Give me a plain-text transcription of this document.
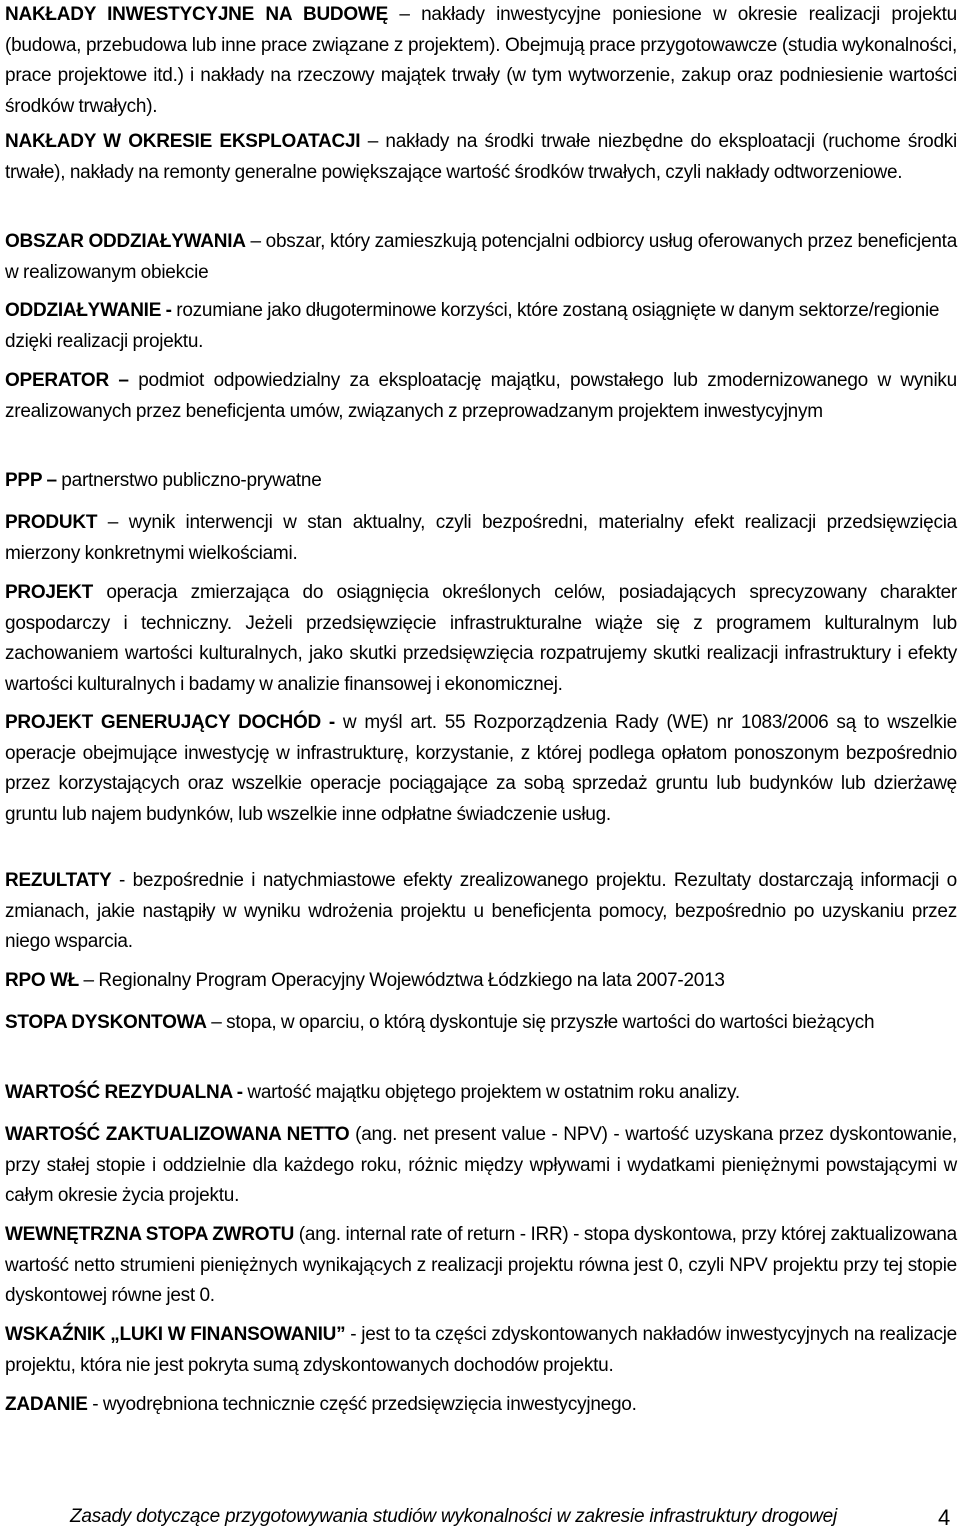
NAKŁADY INWESTYCYJNE NA BUDOWĘ – nakłady inwestycyjne poniesione w okresie realizacji projektu (budowa, przebudowa lub inne prace związane z projektem). Obejmują prace przygotowawcze (studia wykonalności, prace projektowe itd.) i nakłady na rzeczowy majątek trwały (w tym wytworzenie, zakup oraz podniesienie wartości środków trwałych).

NAKŁADY W OKRESIE EKSPLOATACJI – nakłady na środki trwałe niezbędne do eksploatacji (ruchome środki trwałe), nakłady na remonty generalne powiększające wartość środków trwałych, czyli nakłady odtworzeniowe.

OBSZAR ODDZIAŁYWANIA – obszar, który zamieszkują potencjalni odbiorcy usług oferowanych przez beneficjenta w realizowanym obiekcie

ODDZIAŁYWANIE - rozumiane jako długoterminowe korzyści, które zostaną osiągnięte w danym sektorze/regionie dzięki realizacji projektu.

OPERATOR – podmiot odpowiedzialny za eksploatację majątku, powstałego lub zmodernizowanego w wyniku zrealizowanych przez beneficjenta umów, związanych z przeprowadzanym projektem inwestycyjnym

PPP – partnerstwo publiczno-prywatne

PRODUKT – wynik interwencji w stan aktualny, czyli bezpośredni, materialny efekt realizacji przedsięwzięcia mierzony konkretnymi wielkościami.

PROJEKT operacja zmierzająca do osiągnięcia określonych celów, posiadających sprecyzowany charakter gospodarczy i techniczny. Jeżeli przedsięwzięcie infrastrukturalne wiąże się z programem kulturalnym lub zachowaniem wartości kulturalnych, jako skutki przedsięwzięcia rozpatrujemy skutki realizacji infrastruktury i efekty wartości kulturalnych i badamy w analizie finansowej i ekonomicznej.

PROJEKT GENERUJĄCY DOCHÓD - w myśl art. 55 Rozporządzenia Rady (WE) nr 1083/2006 są to wszelkie operacje obejmujące inwestycję w infrastrukturę, korzystanie, z której podlega opłatom ponoszonym bezpośrednio przez korzystających oraz wszelkie operacje pociągające za sobą sprzedaż gruntu lub budynków lub dzierżawę gruntu lub najem budynków, lub wszelkie inne odpłatne świadczenie usług.

REZULTATY - bezpośrednie i natychmiastowe efekty zrealizowanego projektu. Rezultaty dostarczają informacji o zmianach, jakie nastąpiły w wyniku wdrożenia projektu u beneficjenta pomocy, bezpośrednio po uzyskaniu przez niego wsparcia.

RPO WŁ – Regionalny Program Operacyjny Województwa Łódzkiego na lata 2007-2013

STOPA DYSKONTOWA – stopa, w oparciu, o którą dyskontuje się przyszłe wartości do wartości bieżących

WARTOŚĆ REZYDUALNA - wartość majątku objętego projektem w ostatnim roku analizy.

WARTOŚĆ ZAKTUALIZOWANA NETTO (ang. net present value - NPV) - wartość uzyskana przez dyskontowanie, przy stałej stopie i oddzielnie dla każdego roku, różnic między wpływami i wydatkami pieniężnymi powstającymi w całym okresie życia projektu.

WEWNĘTRZNA STOPA ZWROTU (ang. internal rate of return - IRR) - stopa dyskontowa, przy której zaktualizowana wartość netto strumieni pieniężnych wynikających z realizacji projektu równa jest 0, czyli NPV projektu przy tej stopie dyskontowej równe jest 0.

WSKAŹNIK „LUKI W FINANSOWANIU” - jest to ta części zdyskontowanych nakładów inwestycyjnych na realizacje projektu, która nie jest pokryta sumą zdyskontowanych dochodów projektu.

ZADANIE - wyodrębniona technicznie część przedsięwzięcia inwestycyjnego.

Zasady dotyczące przygotowywania studiów wykonalności w zakresie infrastruktury drogowej	4
